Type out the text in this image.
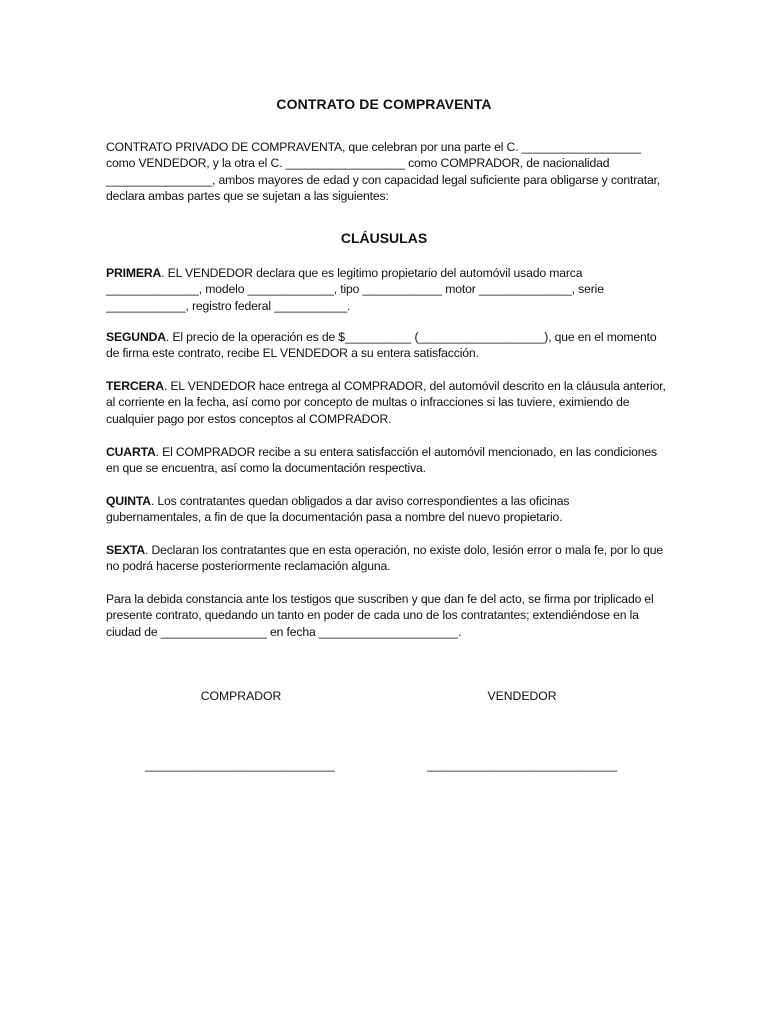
CONTRATO DE COMPRAVENTA

CONTRATO PRIVADO DE COMPRAVENTA, que celebran por una parte el C. __________________ como VENDEDOR, y la otra el C. __________________ como COMPRADOR, de nacionalidad ________________, ambos mayores de edad y con capacidad legal suficiente para obligarse y contratar, declara ambas partes que se sujetan a las siguientes:

CLÁUSULAS

PRIMERA. EL VENDEDOR declara que es legitimo propietario del automóvil usado marca ______________, modelo _____________, tipo ____________ motor ______________, serie ____________, registro federal ___________.

SEGUNDA. El precio de la operación es de $__________ (___________________), que en el momento de firma este contrato, recibe EL VENDEDOR a su entera satisfacción.

TERCERA. EL VENDEDOR hace entrega al COMPRADOR, del automóvil descrito en la cláusula anterior, al corriente en la fecha, así como por concepto de multas o infracciones si las tuviere, eximiendo de cualquier pago por estos conceptos al COMPRADOR.

CUARTA. El COMPRADOR recibe a su entera satisfacción el automóvil mencionado, en las condiciones en que se encuentra, así como la documentación respectiva.

QUINTA. Los contratantes quedan obligados a dar aviso correspondientes a las oficinas gubernamentales, a fin de que la documentación pasa a nombre del nuevo propietario.

SEXTA. Declaran los contratantes que en esta operación, no existe dolo, lesión error o mala fe, por lo que no podrá hacerse posteriormente reclamación alguna.

Para la debida constancia ante los testigos que suscriben y que dan fe del acto, se firma por triplicado el presente contrato, quedando un tanto en poder de cada uno de los contratantes; extendiéndose en la ciudad de ________________ en fecha _____________________.

COMPRADOR	VENDEDOR
____________________________	____________________________
